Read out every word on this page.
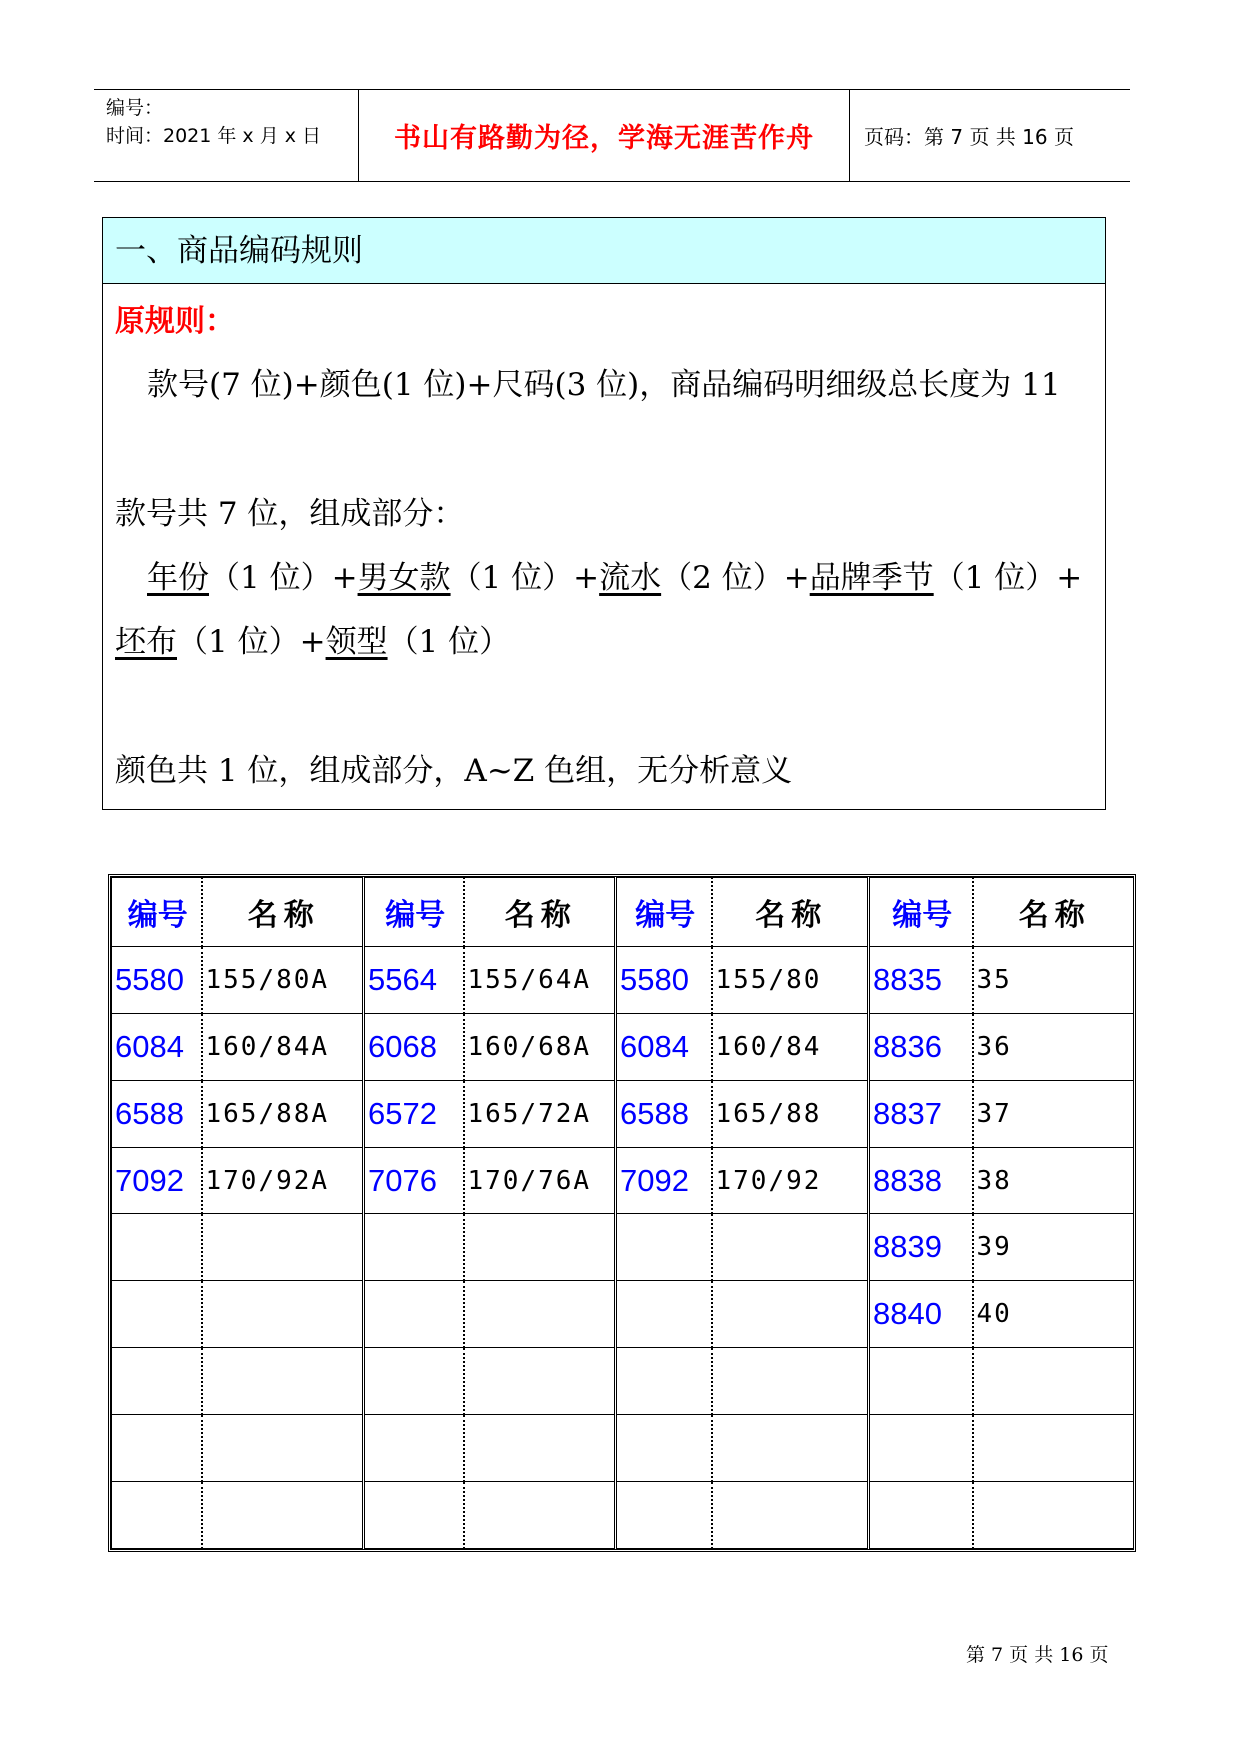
编号：
时间：2021 年 x 月 x 日	书山有路勤为径，学海无涯苦作舟	页码：第 7 页 共 16 页
一、商品编码规则
原规则：
款号(7 位)+颜色(1 位)+尺码(3 位)，商品编码明细级总长度为 11
款号共 7 位，组成部分：
年份（1 位）+男女款（1 位）+流水（2 位）+品牌季节（1 位）+
坯布（1 位）+领型（1 位）
颜色共 1 位，组成部分，A~Z 色组，无分析意义
编号	名称	编号	名称	编号	名称	编号	名称
5580	155/80A	5564	155/64A	5580	155/80	8835	35
6084	160/84A	6068	160/68A	6084	160/84	8836	36
6588	165/88A	6572	165/72A	6588	165/88	8837	37
7092	170/92A	7076	170/76A	7092	170/92	8838	38
						8839	39
						8840	40

第 7 页 共 16 页
